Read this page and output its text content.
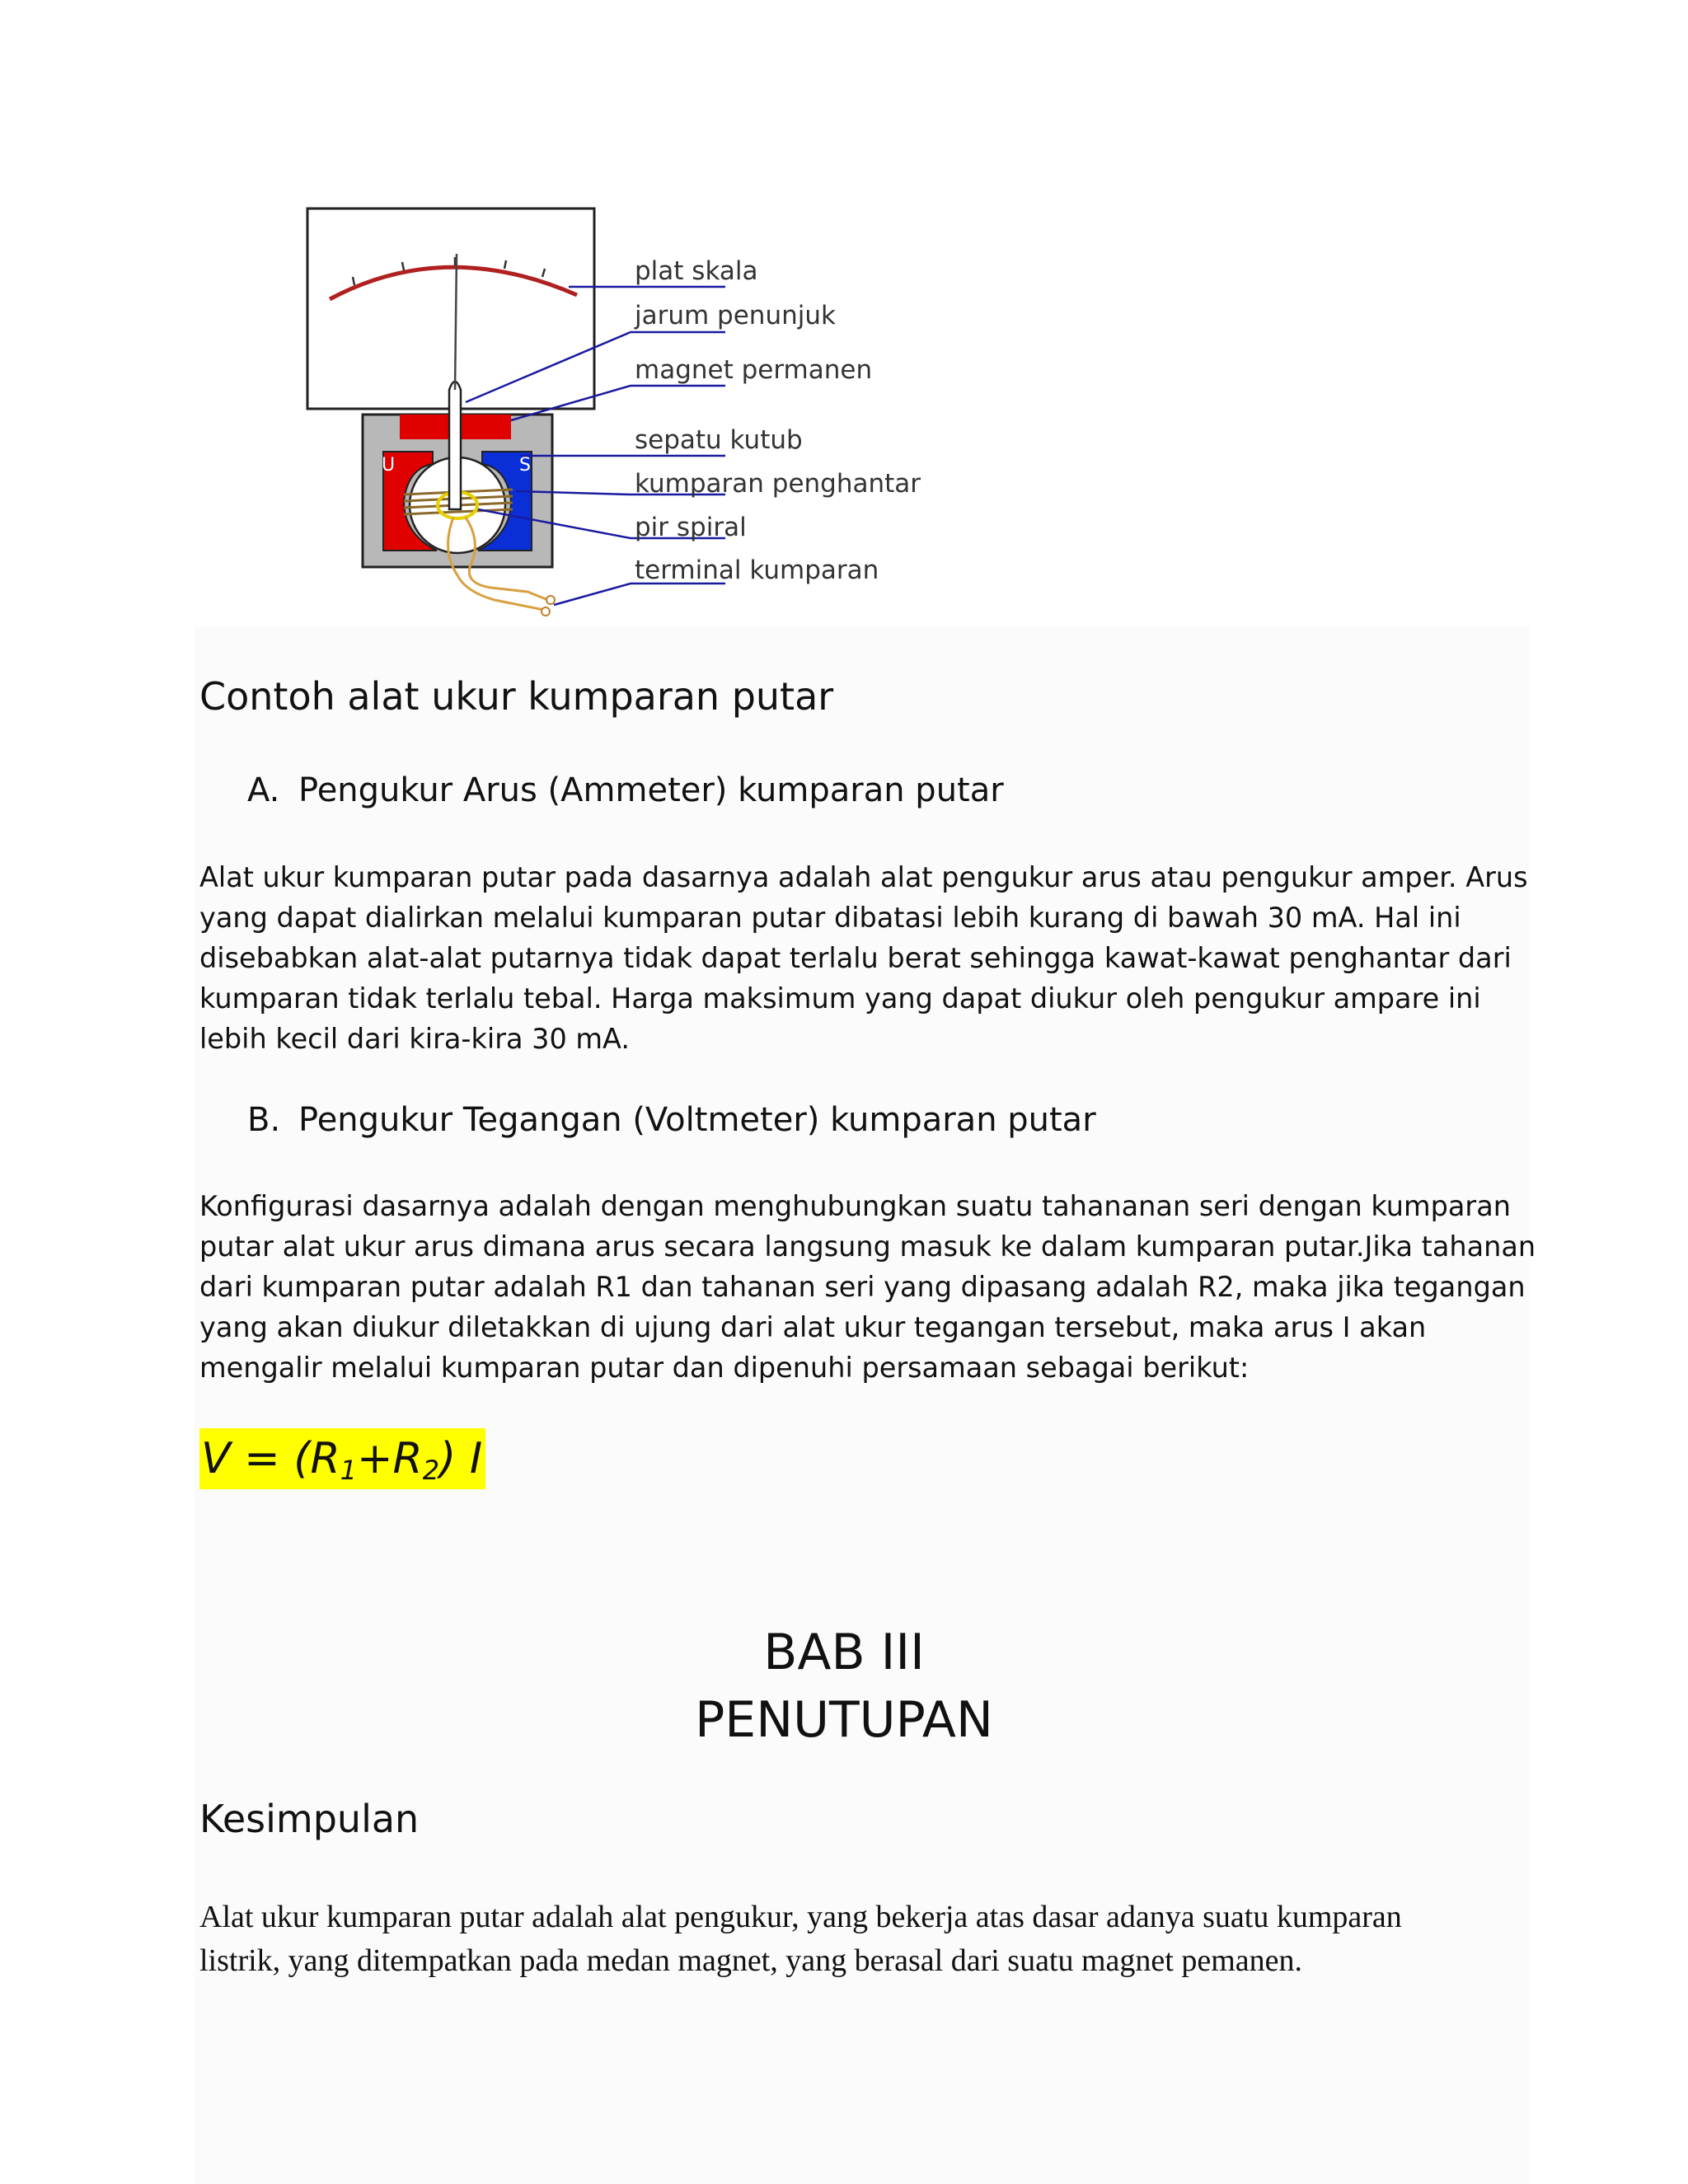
U	S
plat skala
jarum penunjuk
magnet permanen
sepatu kutub
kumparan penghantar
pir spiral
terminal kumparan
Contoh alat ukur kumparan putar
A. Pengukur Arus (Ammeter) kumparan putar
Alat ukur kumparan putar pada dasarnya adalah alat pengukur arus atau pengukur amper. Arus
yang dapat dialirkan melalui kumparan putar dibatasi lebih kurang di bawah 30 mA. Hal ini
disebabkan alat-alat putarnya tidak dapat terlalu berat sehingga kawat-kawat penghantar dari
kumparan tidak terlalu tebal. Harga maksimum yang dapat diukur oleh pengukur ampare ini
lebih kecil dari kira-kira 30 mA.
B. Pengukur Tegangan (Voltmeter) kumparan putar
Konfigurasi dasarnya adalah dengan menghubungkan suatu tahananan seri dengan kumparan
putar alat ukur arus dimana arus secara langsung masuk ke dalam kumparan putar.Jika tahanan
dari kumparan putar adalah R1 dan tahanan seri yang dipasang adalah R2, maka jika tegangan
yang akan diukur diletakkan di ujung dari alat ukur tegangan tersebut, maka arus I akan
mengalir melalui kumparan putar dan dipenuhi persamaan sebagai berikut:
$V = (R_1+R_2)$ I
BAB III
PENUTUPAN
Kesimpulan
Alat ukur kumparan putar adalah alat pengukur, yang bekerja atas dasar adanya suatu kumparan
listrik, yang ditempatkan pada medan magnet, yang berasal dari suatu magnet pemanen.
